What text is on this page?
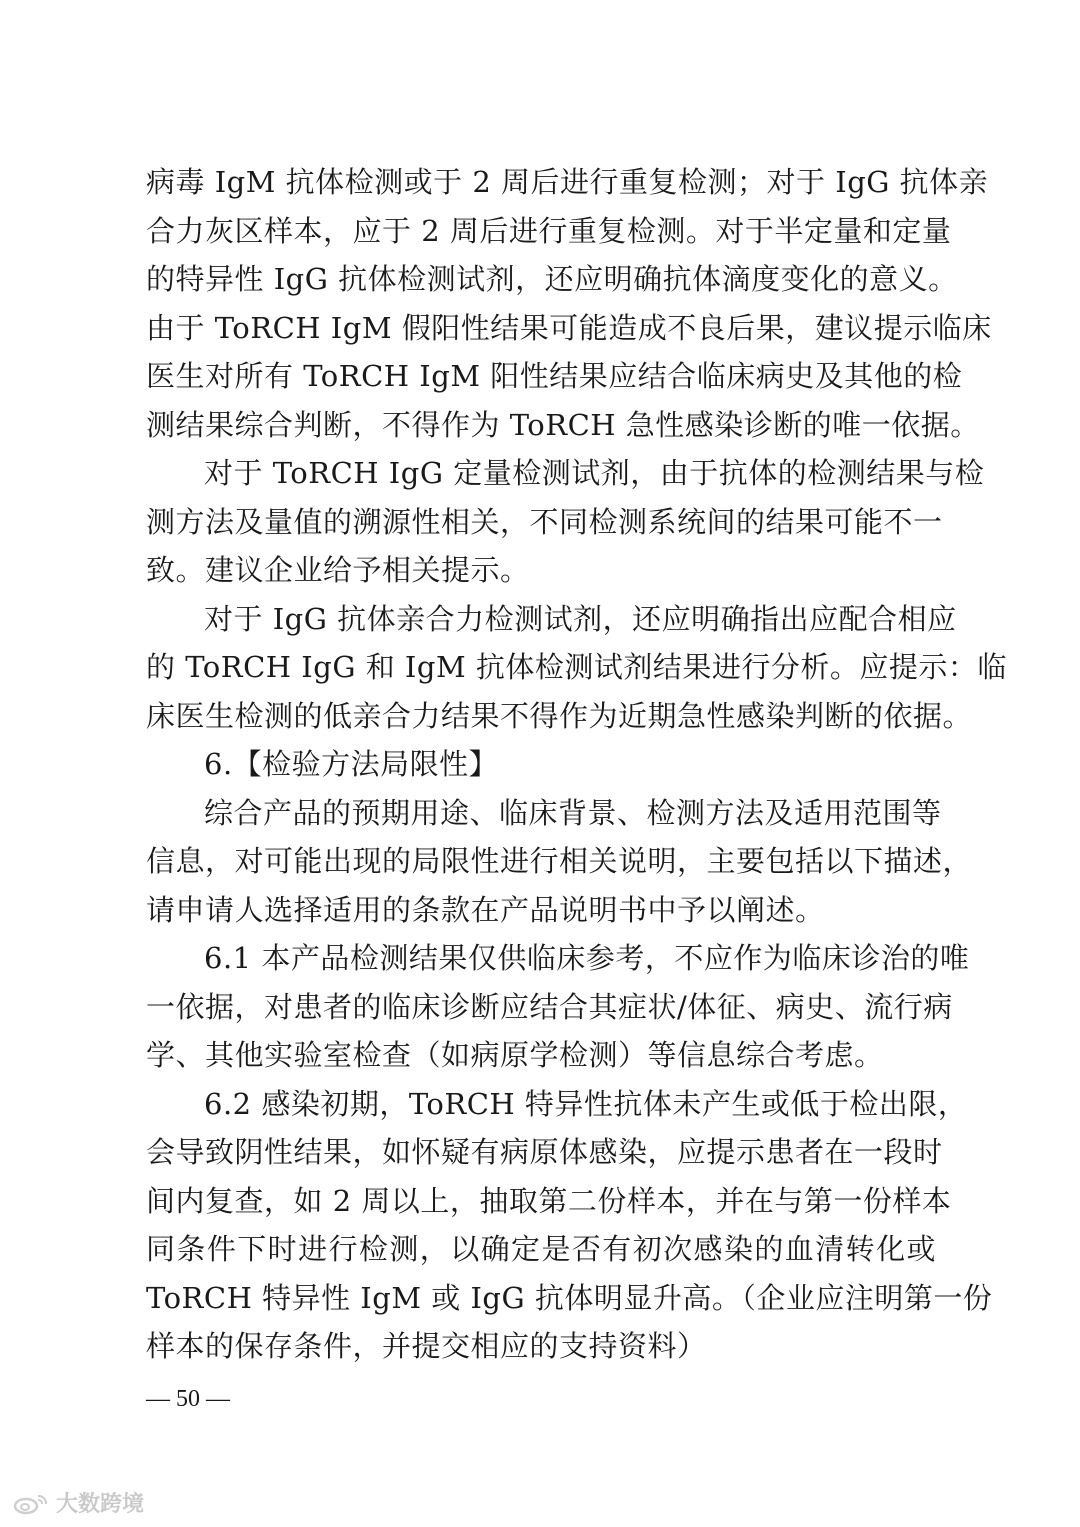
病毒 IgM 抗体检测或于 2 周后进行重复检测；对于 IgG 抗体亲
合力灰区样本，应于 2 周后进行重复检测。对于半定量和定量
的特异性 IgG 抗体检测试剂，还应明确抗体滴度变化的意义。
由于 ToRCH IgM 假阳性结果可能造成不良后果，建议提示临床
医生对所有 ToRCH IgM 阳性结果应结合临床病史及其他的检
测结果综合判断，不得作为 ToRCH 急性感染诊断的唯一依据。
对于 ToRCH IgG 定量检测试剂，由于抗体的检测结果与检
测方法及量值的溯源性相关，不同检测系统间的结果可能不一
致。建议企业给予相关提示。
对于 IgG 抗体亲合力检测试剂，还应明确指出应配合相应
的 ToRCH IgG 和 IgM 抗体检测试剂结果进行分析。应提示：临
床医生检测的低亲合力结果不得作为近期急性感染判断的依据。
6.【检验方法局限性】
综合产品的预期用途、临床背景、检测方法及适用范围等
信息，对可能出现的局限性进行相关说明，主要包括以下描述，
请申请人选择适用的条款在产品说明书中予以阐述。
6.1 本产品检测结果仅供临床参考，不应作为临床诊治的唯
一依据，对患者的临床诊断应结合其症状/体征、病史、流行病
学、其他实验室检查（如病原学检测）等信息综合考虑。
6.2 感染初期，ToRCH 特异性抗体未产生或低于检出限，
会导致阴性结果，如怀疑有病原体感染，应提示患者在一段时
间内复查，如 2 周以上，抽取第二份样本，并在与第一份样本
同条件下时进行检测，以确定是否有初次感染的血清转化或
ToRCH 特异性 IgM 或 IgG 抗体明显升高。（企业应注明第一份
样本的保存条件，并提交相应的支持资料）
— 50 —
大数跨境
